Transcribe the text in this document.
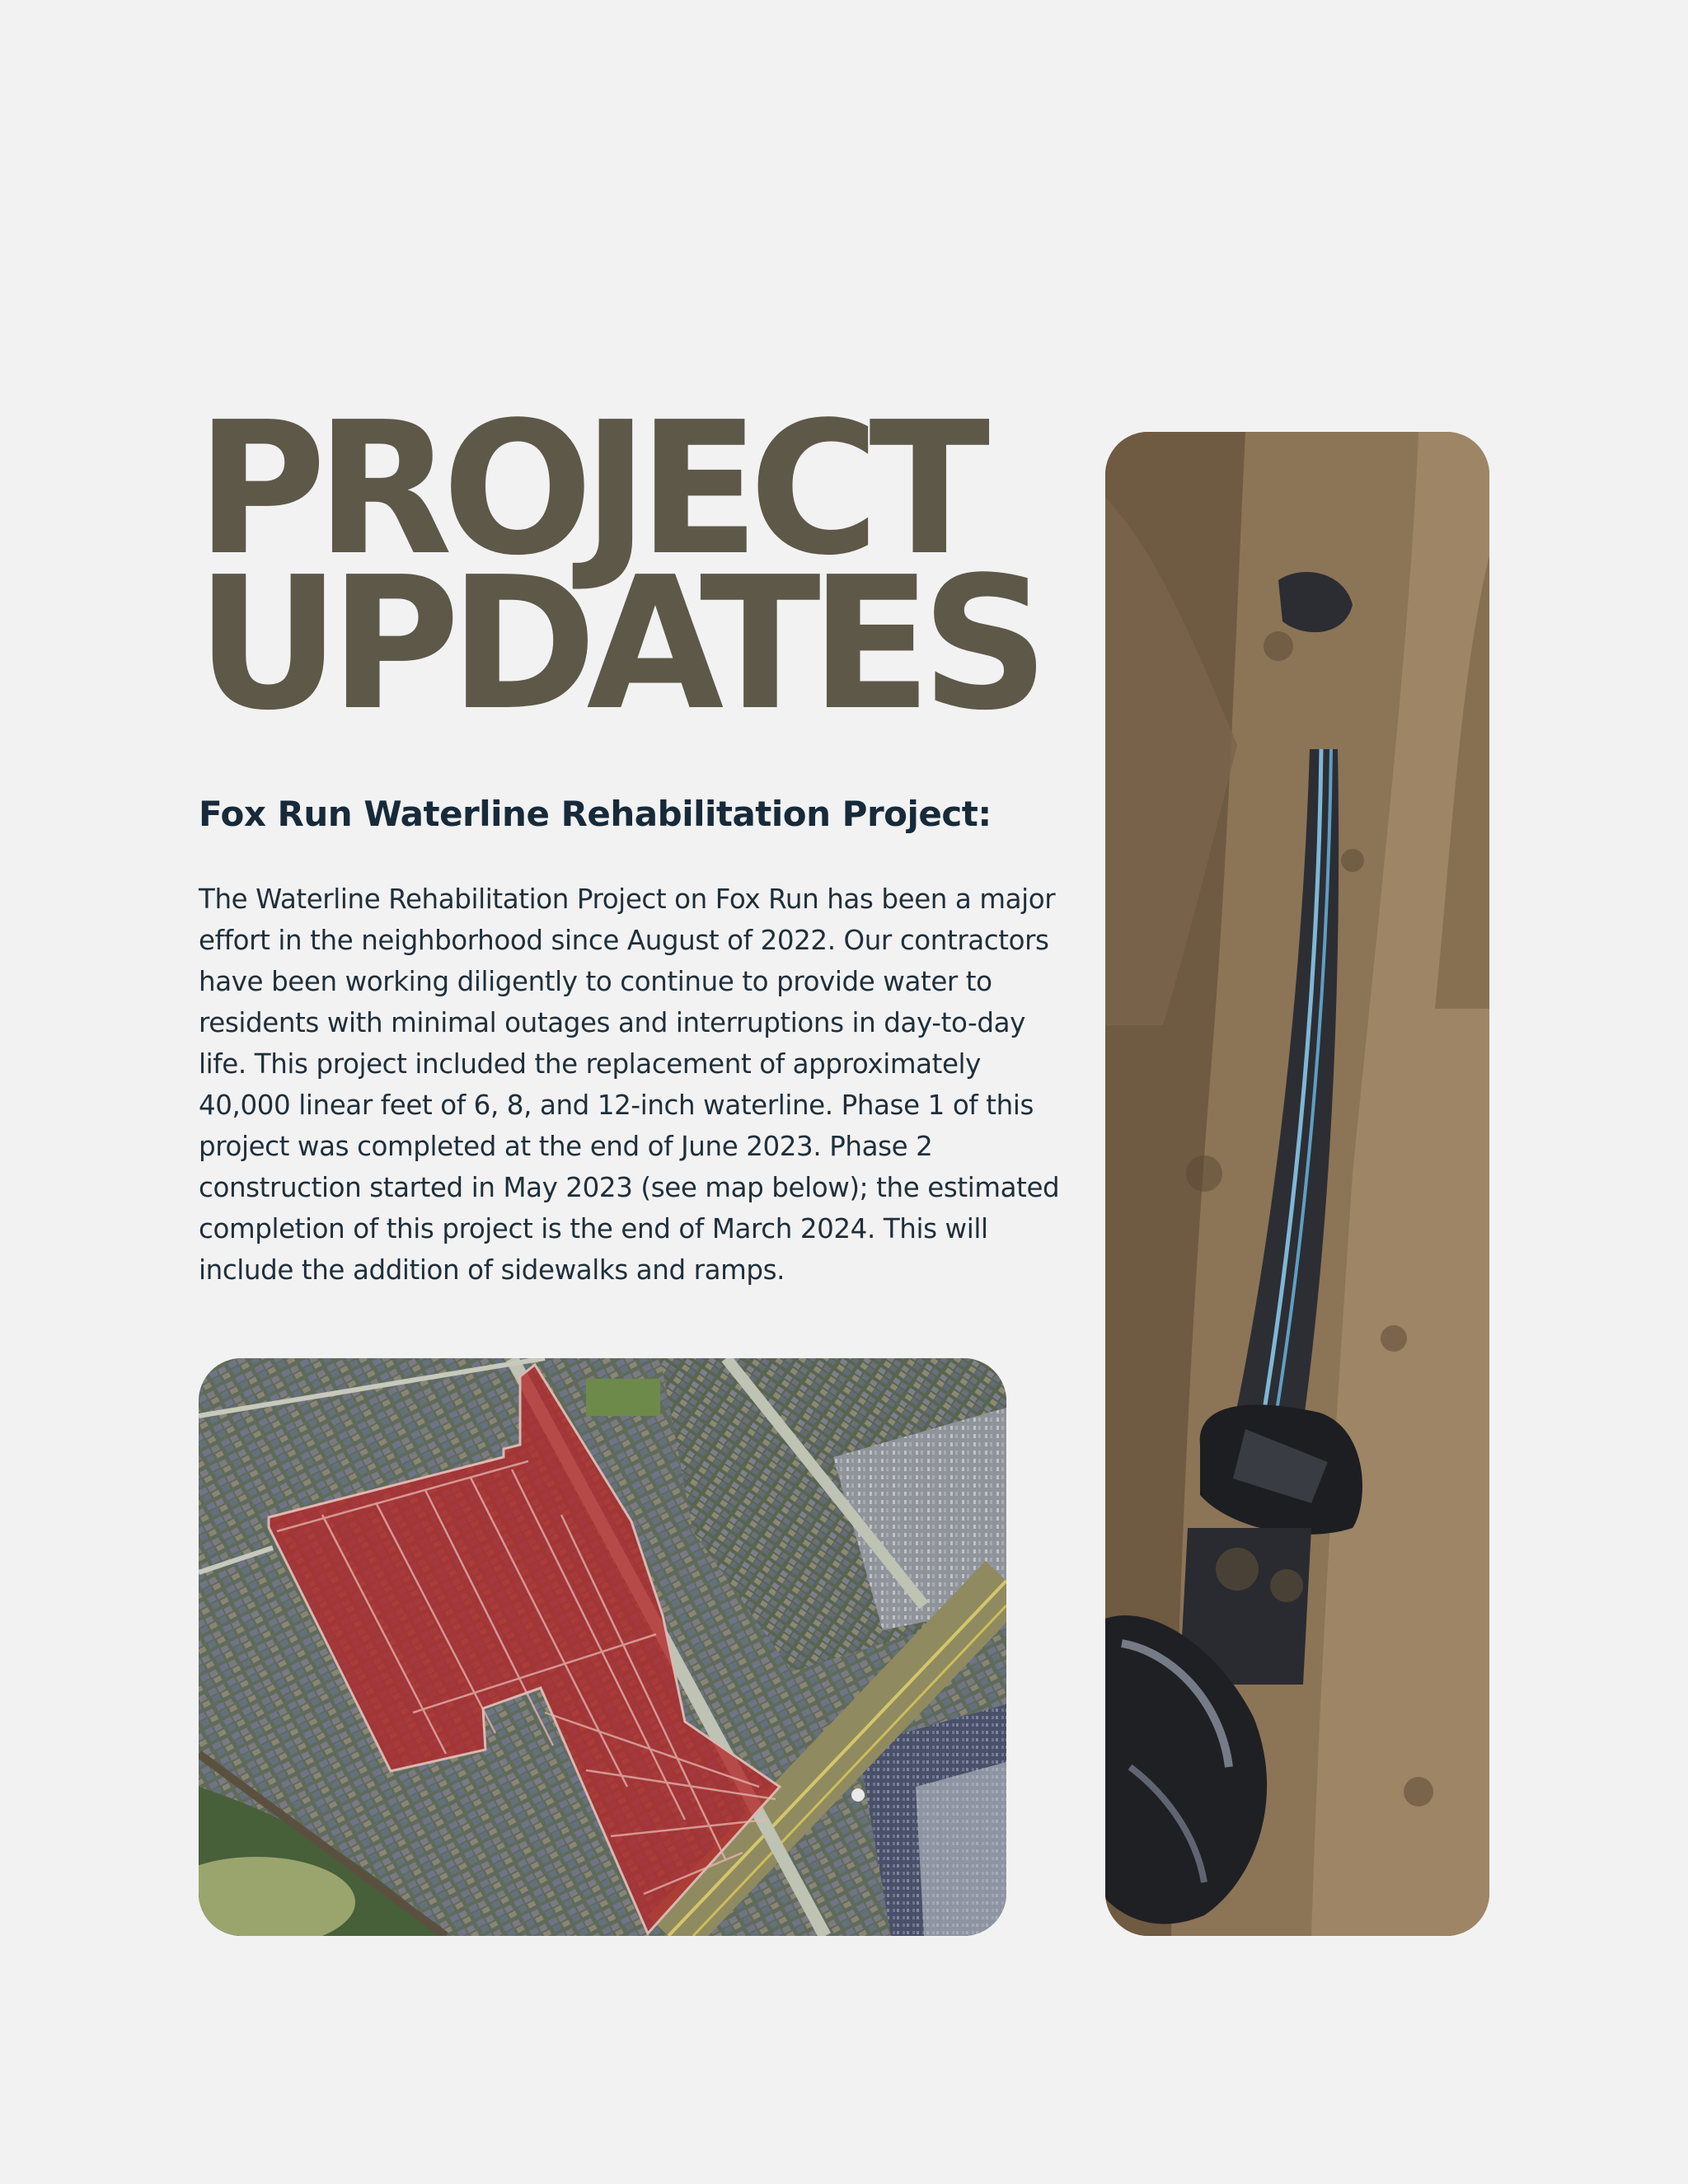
PROJECT
UPDATES
Fox Run Waterline Rehabilitation Project:

The Waterline Rehabilitation Project on Fox Run has been a major
effort in the neighborhood since August of 2022. Our contractors
have been working diligently to continue to provide water to
residents with minimal outages and interruptions in day-to-day
life. This project included the replacement of approximately
40,000 linear feet of 6, 8, and 12-inch waterline. Phase 1 of this
project was completed at the end of June 2023. Phase 2
construction started in May 2023 (see map below); the estimated
completion of this project is the end of March 2024. This will
include the addition of sidewalks and ramps.
